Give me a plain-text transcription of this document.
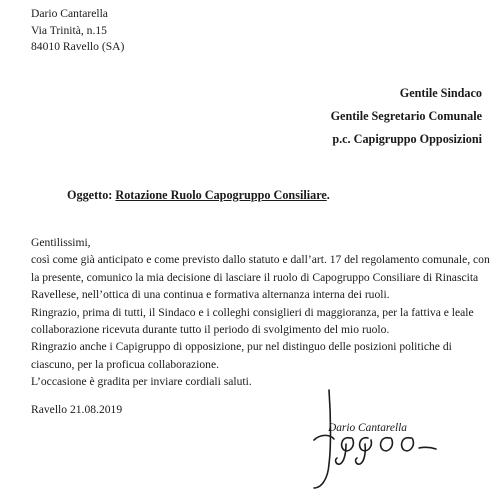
Dario Cantarella
Via Trinità, n.15
84010 Ravello (SA)
Gentile Sindaco
Gentile Segretario Comunale
p.c. Capigruppo Opposizioni
Oggetto: Rotazione Ruolo Capogruppo Consiliare.

Gentilissimi,

così come già anticipato e come previsto dallo statuto e dall’art. 17 del regolamento comunale, con

la presente, comunico la mia decisione di lasciare il ruolo di Capogruppo Consiliare di Rinascita

Ravellese, nell’ottica di una continua e formativa alternanza interna dei ruoli.

Ringrazio, prima di tutti, il Sindaco e i colleghi consiglieri di maggioranza, per la fattiva e leale

collaborazione ricevuta durante tutto il periodo di svolgimento del mio ruolo.

Ringrazio anche i Capigruppo di opposizione, pur nel distinguo delle posizioni politiche di

ciascuno, per la proficua collaborazione.

L’occasione è gradita per inviare cordiali saluti.

Ravello 21.08.2019
Dario Cantarella
